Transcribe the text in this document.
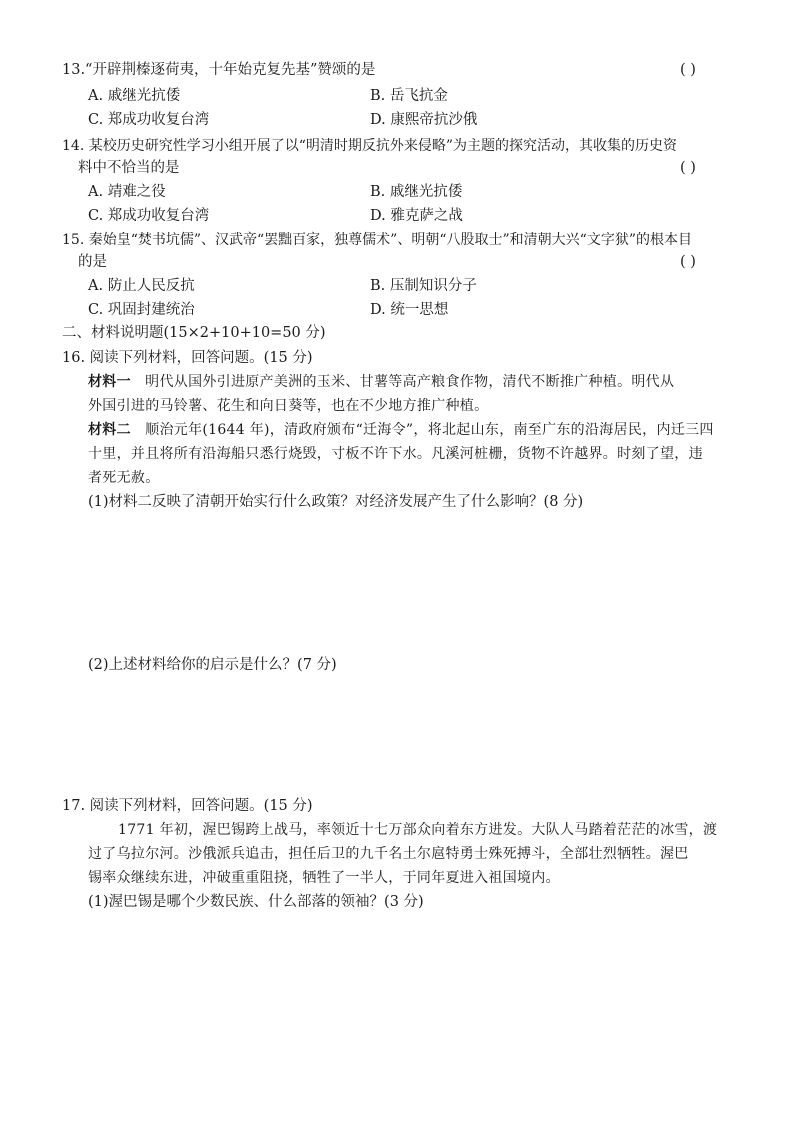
13.“开辟荆榛逐荷夷，十年始克复先基”赞颂的是	( )
A. 戚继光抗倭	B. 岳飞抗金
C. 郑成功收复台湾	D. 康熙帝抗沙俄
14. 某校历史研究性学习小组开展了以“明清时期反抗外来侵略”为主题的探究活动，其收集的历史资
料中不恰当的是	( )
A. 靖难之役	B. 戚继光抗倭
C. 郑成功收复台湾	D. 雅克萨之战
15. 秦始皇“焚书坑儒”、汉武帝“罢黜百家，独尊儒术”、明朝“八股取士”和清朝大兴“文字狱”的根本目
的是	( )
A. 防止人民反抗	B. 压制知识分子
C. 巩固封建统治	D. 统一思想
二、材料说明题(15×2+10+10=50 分)
16. 阅读下列材料，回答问题。(15 分)
材料一 明代从国外引进原产美洲的玉米、甘薯等高产粮食作物，清代不断推广种植。明代从
外国引进的马铃薯、花生和向日葵等，也在不少地方推广种植。
材料二 顺治元年(1644 年)，清政府颁布“迁海令”，将北起山东，南至广东的沿海居民，内迁三四
十里，并且将所有沿海船只悉行烧毁，寸板不许下水。凡溪河桩栅，货物不许越界。时刻了望，违
者死无赦。
(1)材料二反映了清朝开始实行什么政策？对经济发展产生了什么影响？(8 分)
(2)上述材料给你的启示是什么？(7 分)
17. 阅读下列材料，回答问题。(15 分)
1771 年初，渥巴锡跨上战马，率领近十七万部众向着东方进发。大队人马踏着茫茫的冰雪，渡
过了乌拉尔河。沙俄派兵追击，担任后卫的九千名土尔扈特勇士殊死搏斗，全部壮烈牺牲。渥巴
锡率众继续东进，冲破重重阻挠，牺牲了一半人，于同年夏进入祖国境内。
(1)渥巴锡是哪个少数民族、什么部落的领袖？(3 分)
